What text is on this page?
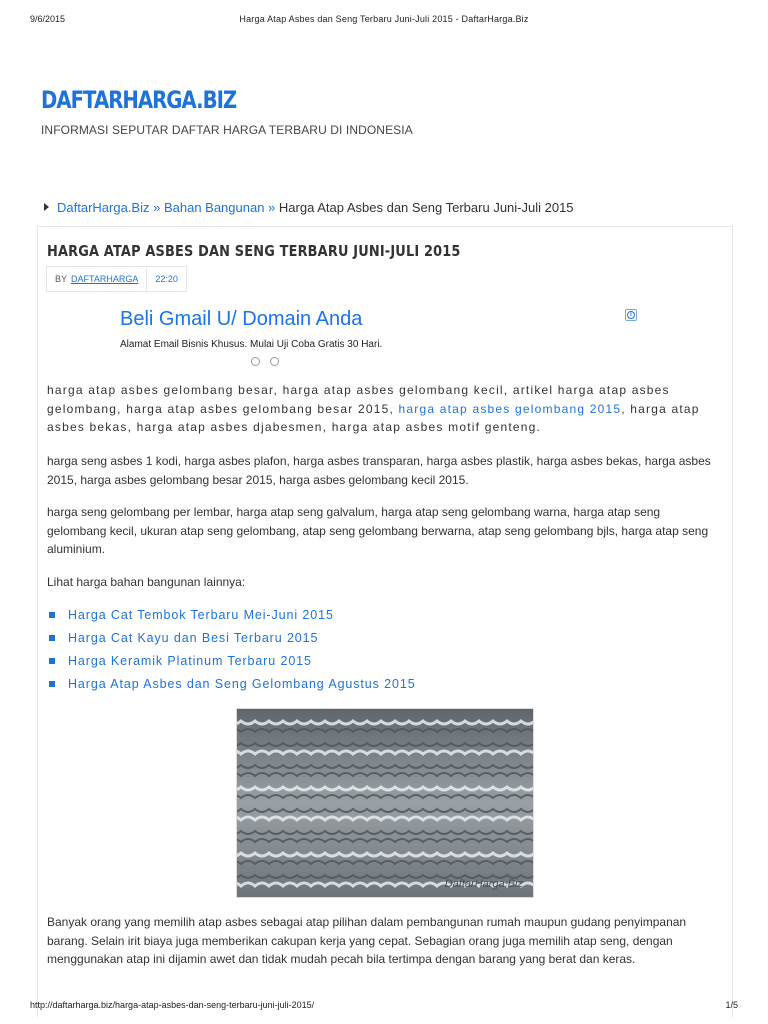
9/6/2015	Harga Atap Asbes dan Seng Terbaru Juni-Juli 2015 - DaftarHarga.Biz
DAFTARHARGA.BIZ
INFORMASI SEPUTAR DAFTAR HARGA TERBARU DI INDONESIA
DaftarHarga.Biz » Bahan Bangunan » Harga Atap Asbes dan Seng Terbaru Juni-Juli 2015
HARGA ATAP ASBES DAN SENG TERBARU JUNI-JULI 2015
BY DAFTARHARGA	22:20
Beli Gmail U/ Domain Anda
Alamat Email Bisnis Khusus. Mulai Uji Coba Gratis 30 Hari.
i

harga atap asbes gelombang besar, harga atap asbes gelombang kecil, artikel harga atap asbes gelombang, harga atap asbes gelombang besar 2015, harga atap asbes gelombang 2015, harga atap asbes bekas, harga atap asbes djabesmen, harga atap asbes motif genteng.

harga seng asbes 1 kodi, harga asbes plafon, harga asbes transparan, harga asbes plastik, harga asbes bekas, harga asbes 2015, harga asbes gelombang besar 2015, harga asbes gelombang kecil 2015.

harga seng gelombang per lembar, harga atap seng galvalum, harga atap seng gelombang warna, harga atap seng gelombang kecil, ukuran atap seng gelombang, atap seng gelombang berwarna, atap seng gelombang bjls, harga atap seng aluminium.

Lihat harga bahan bangunan lainnya:

Harga Cat Tembok Terbaru Mei-Juni 2015
Harga Cat Kayu dan Besi Terbaru 2015
Harga Keramik Platinum Terbaru 2015
Harga Atap Asbes dan Seng Gelombang Agustus 2015
DaftarHarga.Biz

Banyak orang yang memilih atap asbes sebagai atap pilihan dalam pembangunan rumah maupun gudang penyimpanan barang. Selain irit biaya juga memberikan cakupan kerja yang cepat. Sebagian orang juga memilih atap seng, dengan menggunakan atap ini dijamin awet dan tidak mudah pecah bila tertimpa dengan barang yang berat dan keras.

http://daftarharga.biz/harga-atap-asbes-dan-seng-terbaru-juni-juli-2015/	1/5
